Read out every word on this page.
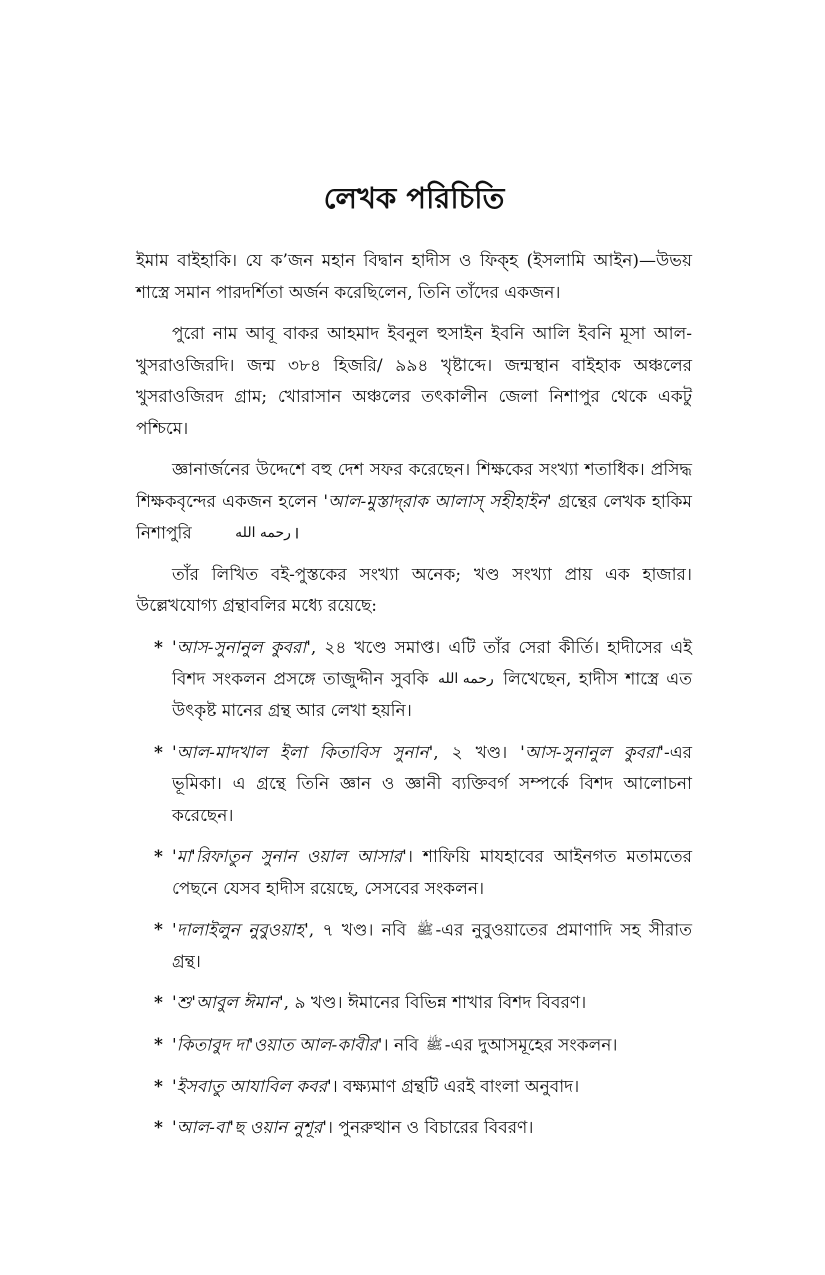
লেখক পরিচিতি

ইমাম বাইহাকি। যে ক’জন মহান বিদ্বান হাদীস ও ফিক্‌হ (ইসলামি আইন)—উভয় শাস্ত্রে সমান পারদর্শিতা অর্জন করেছিলেন, তিনি তাঁদের একজন।

পুরো নাম আবূ বাকর আহমাদ ইবনুল হুসাইন ইবনি আলি ইবনি মূসা আল-খুসরাওজিরদি। জন্ম ৩৮৪ হিজরি/ ৯৯৪ খৃষ্টাব্দে। জন্মস্থান বাইহাক অঞ্চলের খুসরাওজিরদ গ্রাম; খোরাসান অঞ্চলের তৎকালীন জেলা নিশাপুর থেকে একটু পশ্চিমে।

জ্ঞানার্জনের উদ্দেশে বহু দেশ সফর করেছেন। শিক্ষকের সংখ্যা শতাধিক। প্রসিদ্ধ শিক্ষকবৃন্দের একজন হলেন 'আল-মুস্তাদ্‌রাক আলাস্ সহীহাইন' গ্রন্থের লেখক হাকিম নিশাপুরি	رحمه الله ।

তাঁর লিখিত বই-পুস্তকের সংখ্যা অনেক; খণ্ড সংখ্যা প্রায় এক হাজার। উল্লেখযোগ্য গ্রন্থাবলির মধ্যে রয়েছে:

* 'আস-সুনানুল কুবরা', ২৪ খণ্ডে সমাপ্ত। এটি তাঁর সেরা কীর্তি। হাদীসের এই বিশদ সংকলন প্রসঙ্গে তাজুদ্দীন সুবকি رحمه الله লিখেছেন, হাদীস শাস্ত্রে এত উৎকৃষ্ট মানের গ্রন্থ আর লেখা হয়নি।
* 'আল-মাদখাল ইলা কিতাবিস সুনান', ২ খণ্ড। 'আস-সুনানুল কুবরা'-এর ভূমিকা। এ গ্রন্থে তিনি জ্ঞান ও জ্ঞানী ব্যক্তিবর্গ সম্পর্কে বিশদ আলোচনা করেছেন।
* 'মা'রিফাতুন সুনান ওয়াল আসার'। শাফিয়ি মাযহাবের আইনগত মতামতের পেছনে যেসব হাদীস রয়েছে, সেসবের সংকলন।
* 'দালাইলুন নুবুওয়াহ', ৭ খণ্ড। নবি ﷺ -এর নুবুওয়াতের প্রমাণাদি সহ সীরাত গ্রন্থ।
* 'শু'আবুল ঈমান', ৯ খণ্ড। ঈমানের বিভিন্ন শাখার বিশদ বিবরণ।
* 'কিতাবুদ দা'ওয়াত আল-কাবীর'। নবি ﷺ -এর দুআসমূহের সংকলন।
* 'ইসবাতু আযাবিল কবর'। বক্ষ্যমাণ গ্রন্থটি এরই বাংলা অনুবাদ।
* 'আল-বা'ছ ওয়ান নুশূর'। পুনরুত্থান ও বিচারের বিবরণ।
